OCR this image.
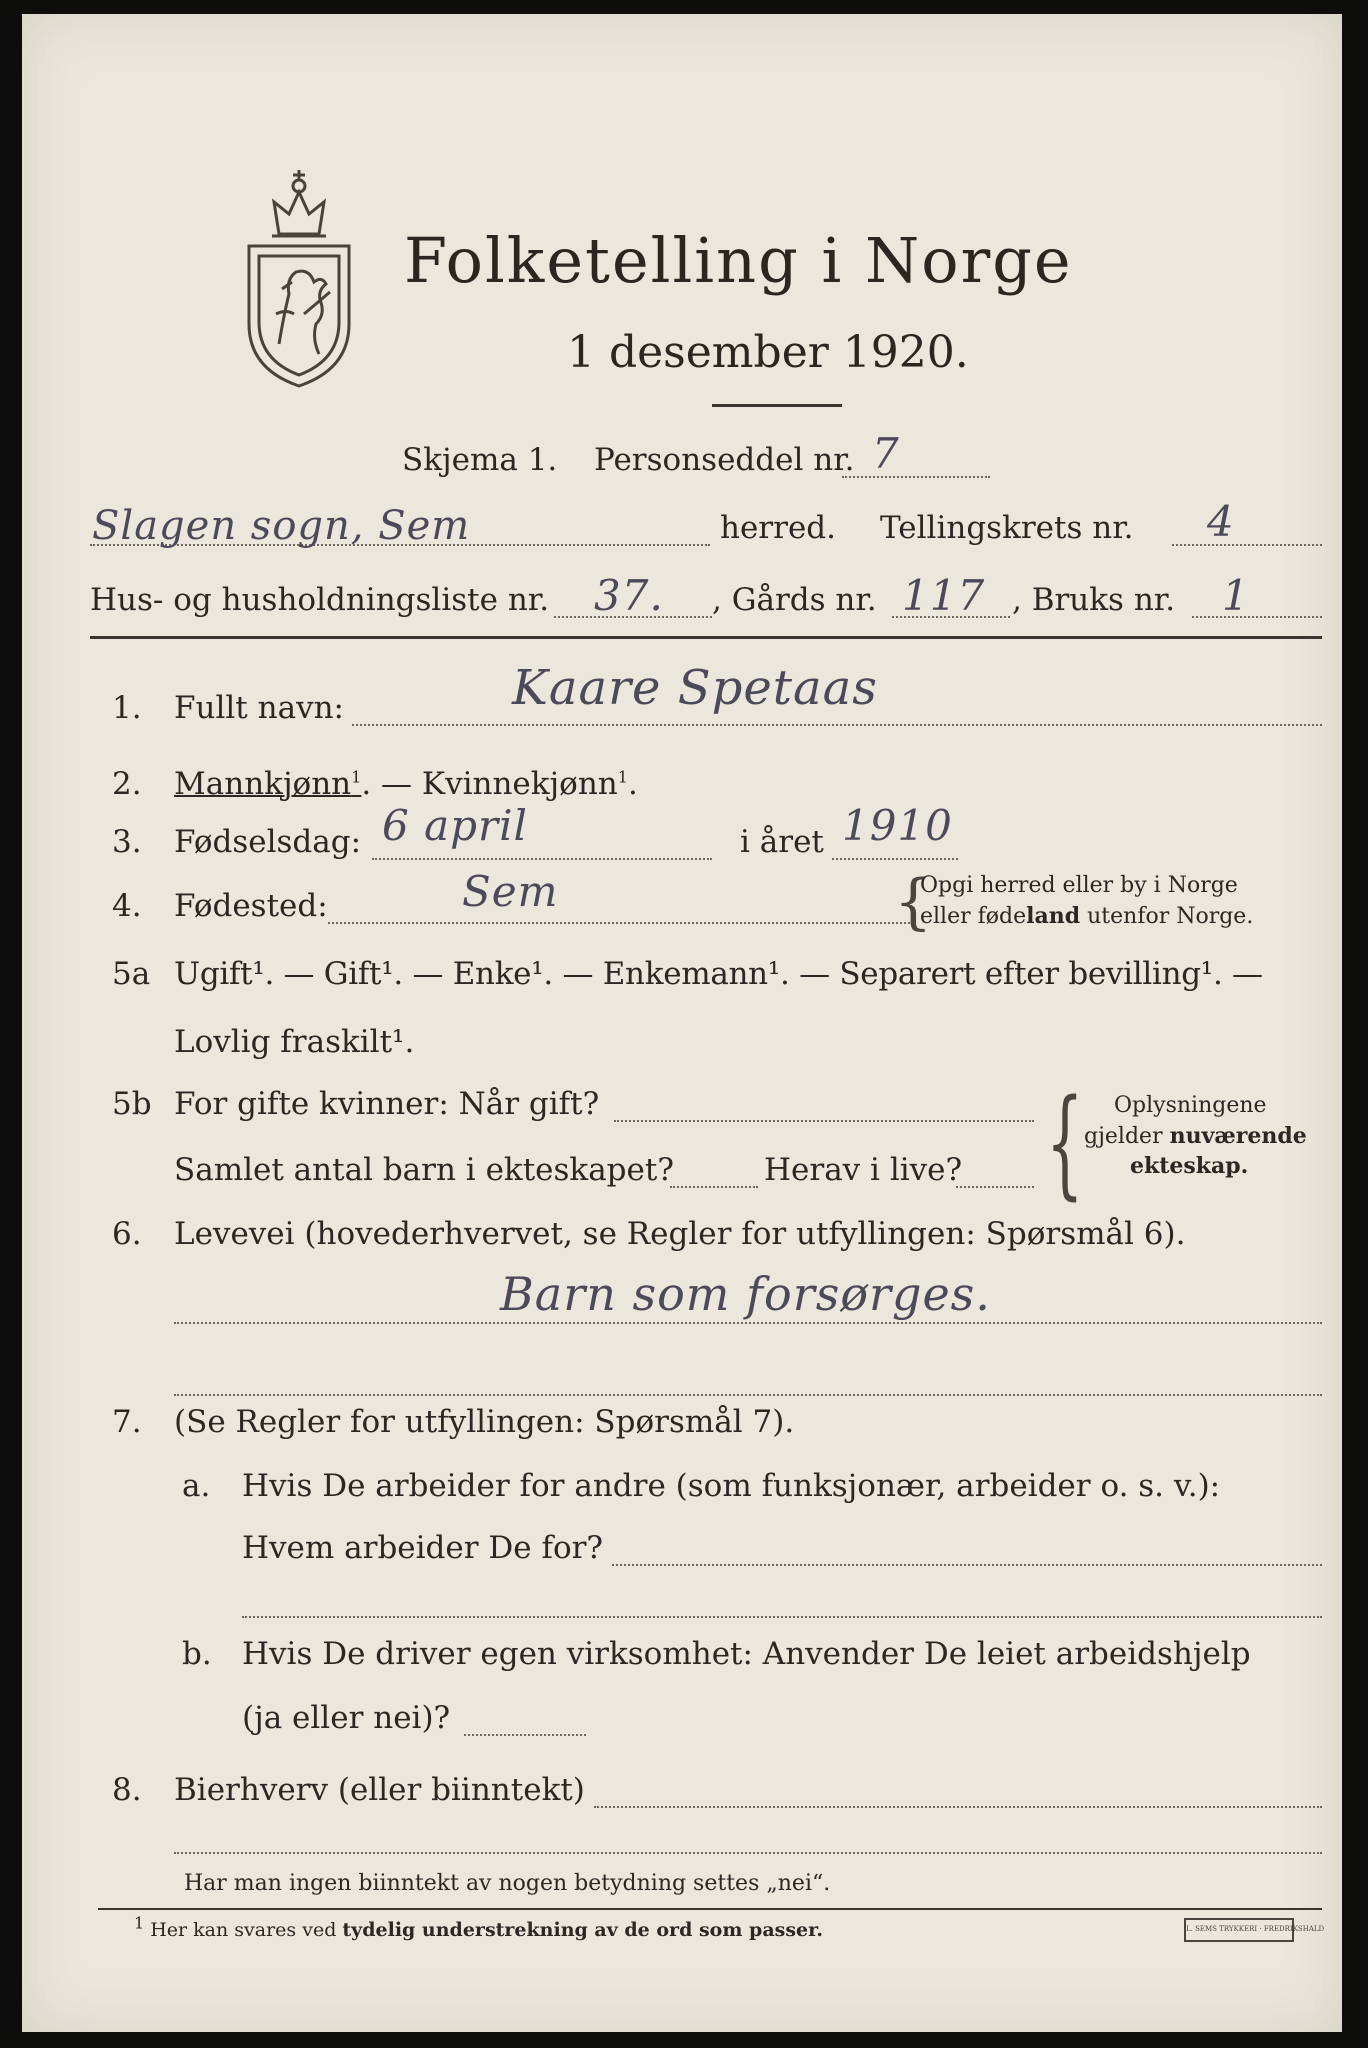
Folketelling i Norge
1 desember 1920.
Skjema 1. Personseddel nr. 7
Slagen sogn, Sem	herred. Tellingskrets nr. 4
Hus- og husholdningsliste nr. 37. , Gårds nr. 117 , Bruks nr. 1
1. Fullt navn:	Kaare Spetaas
2. Mannkjønn$^1$. — Kvinnekjønn$^1$.
3. Fødselsdag: 6 april	i året 1910
4. Fødested:	Sem	{
Opgi herred eller by i Norge
eller fødeland utenfor Norge.
5a Ugift¹. — Gift¹. — Enke¹. — Enkemann¹. — Separert efter bevilling¹. —
Lovlig fraskilt¹.
5b For gifte kvinner: Når gift?
Samlet antal barn i ekteskapet?	Herav i live? { Oplysningene
gjelder nuværende
ekteskap.
6. Levevei (hovederhvervet, se Regler for utfyllingen: Spørsmål 6).
Barn som forsørges.
7. (Se Regler for utfyllingen: Spørsmål 7).
a. Hvis De arbeider for andre (som funksjonær, arbeider o. s. v.):
Hvem arbeider De for?
b. Hvis De driver egen virksomhet: Anvender De leiet arbeidshjelp
(ja eller nei)?
8. Bierhverv (eller biinntekt)
Har man ingen biinntekt av nogen betydning settes „nei“.
$^1$ Her kan svares ved tydelig understrekning av de ord som passer.	L. SEMS TRYKKERI · FREDRIKSHALD
